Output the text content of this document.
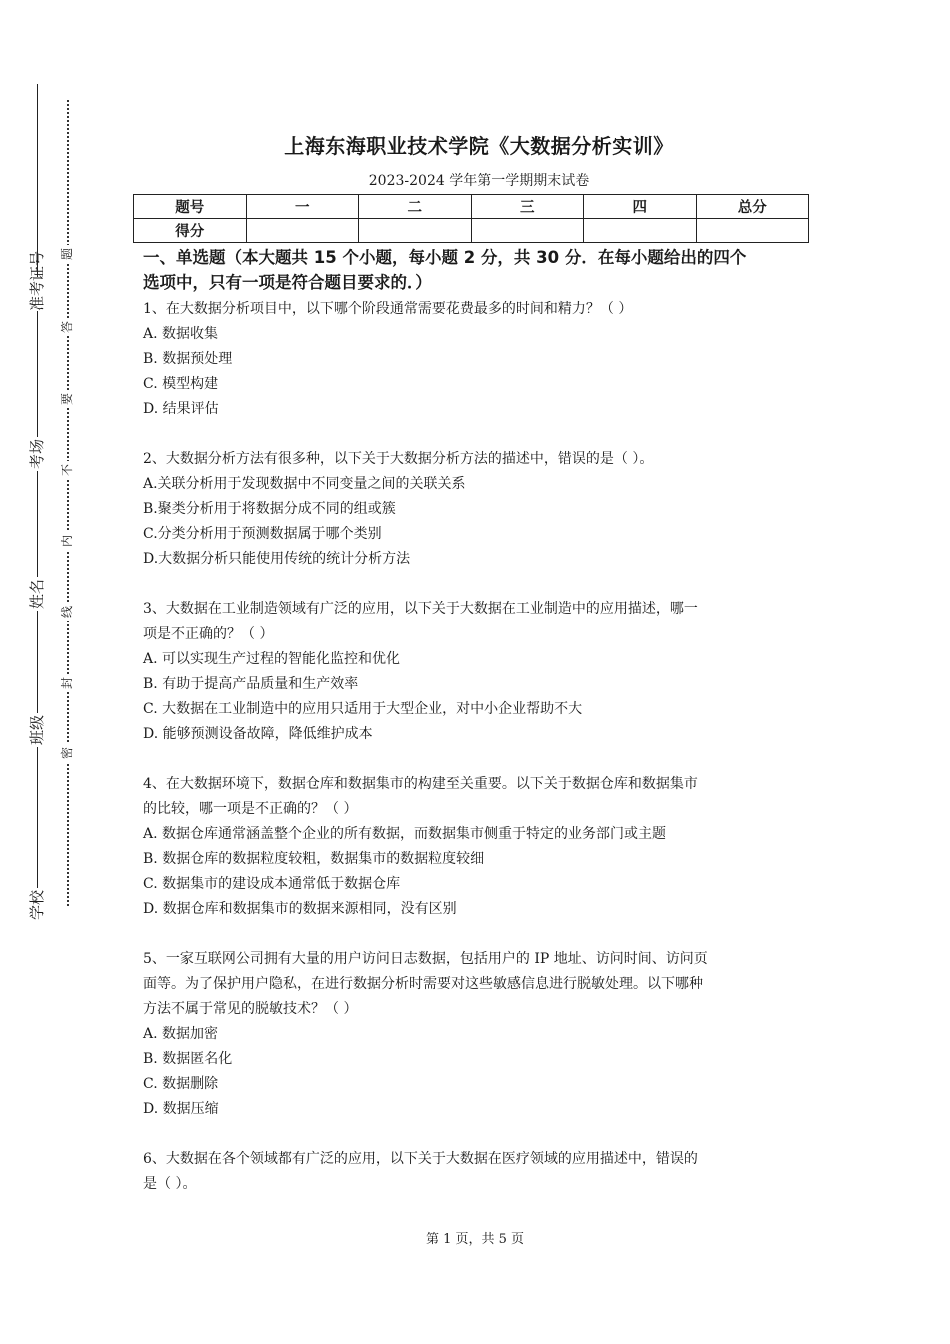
学校
班级
姓名
考场
准考证号
密
封
线
内
不
要
答
题
上海东海职业技术学院《大数据分析实训》
2023-2024 学年第一学期期末试卷
题号	一	二	三	四	总分
得分					
一、单选题（本大题共 15 个小题，每小题 2 分，共 30 分．在每小题给出的四个
选项中，只有一项是符合题目要求的．）

1、在大数据分析项目中，以下哪个阶段通常需要花费最多的时间和精力？（ ）

A. 数据收集

B. 数据预处理

C. 模型构建

D. 结果评估

2、大数据分析方法有很多种，以下关于大数据分析方法的描述中，错误的是（ ）。

A.关联分析用于发现数据中不同变量之间的关联关系

B.聚类分析用于将数据分成不同的组或簇

C.分类分析用于预测数据属于哪个类别

D.大数据分析只能使用传统的统计分析方法

3、大数据在工业制造领域有广泛的应用，以下关于大数据在工业制造中的应用描述，哪一

项是不正确的？（ ）

A. 可以实现生产过程的智能化监控和优化

B. 有助于提高产品质量和生产效率

C. 大数据在工业制造中的应用只适用于大型企业，对中小企业帮助不大

D. 能够预测设备故障，降低维护成本

4、在大数据环境下，数据仓库和数据集市的构建至关重要。以下关于数据仓库和数据集市

的比较，哪一项是不正确的？（ ）

A. 数据仓库通常涵盖整个企业的所有数据，而数据集市侧重于特定的业务部门或主题

B. 数据仓库的数据粒度较粗，数据集市的数据粒度较细

C. 数据集市的建设成本通常低于数据仓库

D. 数据仓库和数据集市的数据来源相同，没有区别

5、一家互联网公司拥有大量的用户访问日志数据，包括用户的 IP 地址、访问时间、访问页

面等。为了保护用户隐私，在进行数据分析时需要对这些敏感信息进行脱敏处理。以下哪种

方法不属于常见的脱敏技术？（ ）

A. 数据加密

B. 数据匿名化

C. 数据删除

D. 数据压缩

6、大数据在各个领域都有广泛的应用，以下关于大数据在医疗领域的应用描述中，错误的

是（ ）。

第 1 页，共 5 页
